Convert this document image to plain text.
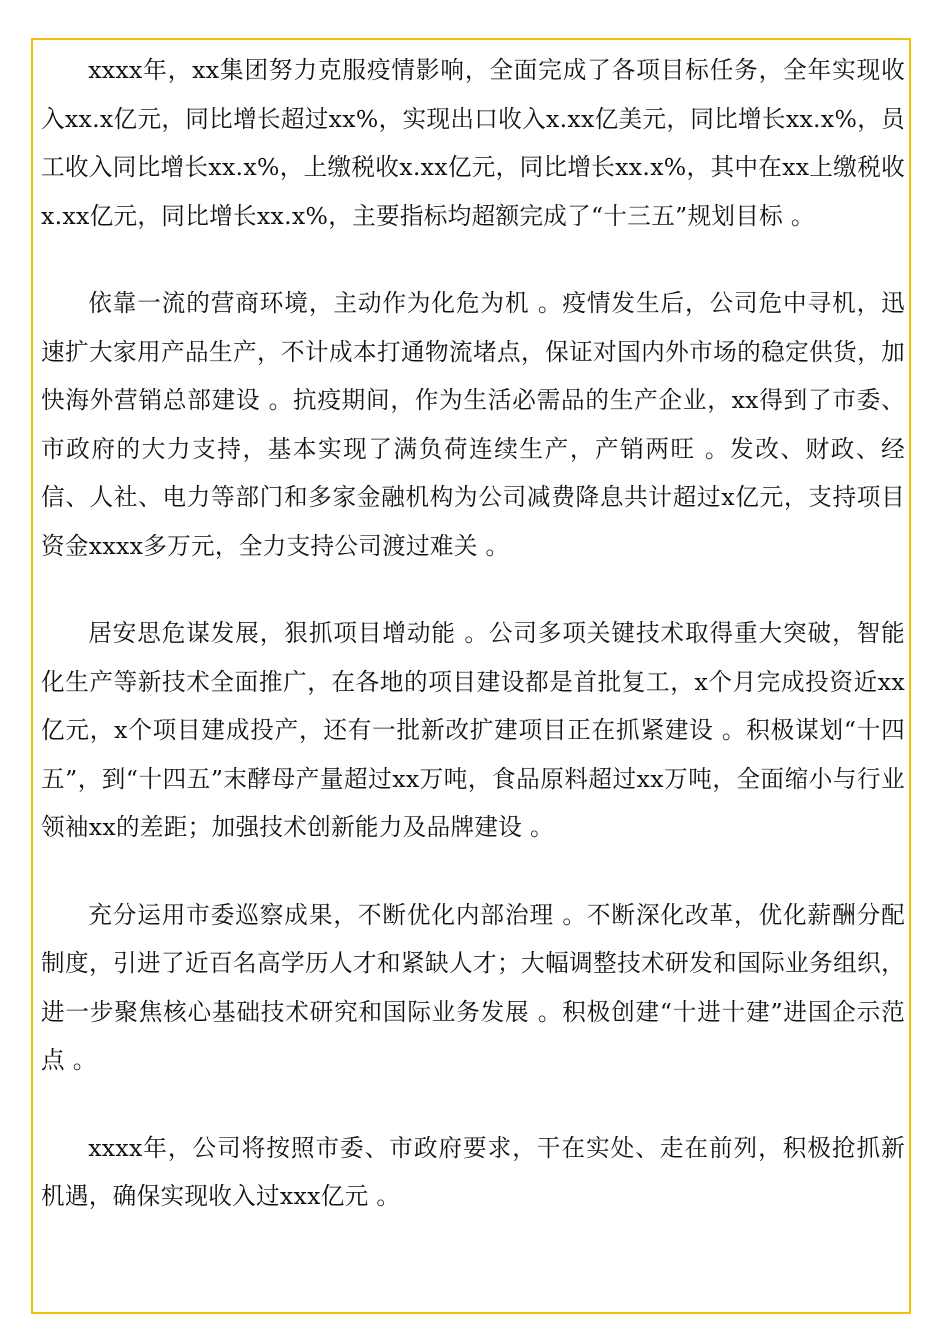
xxxx年，xx集团努力克服疫情影响，全面完成了各项目标任务，全年实现收入xx.x亿元，同比增长超过xx%，实现出口收入x.xx亿美元，同比增长xx.x%，员工收入同比增长xx.x%，上缴税收x.xx亿元，同比增长xx.x%，其中在xx上缴税收x.xx亿元，同比增长xx.x%，主要指标均超额完成了“十三五”规划目标 。

依靠一流的营商环境，主动作为化危为机 。疫情发生后，公司危中寻机，迅速扩大家用产品生产，不计成本打通物流堵点，保证对国内外市场的稳定供货，加快海外营销总部建设 。抗疫期间，作为生活必需品的生产企业，xx得到了市委、市政府的大力支持，基本实现了满负荷连续生产，产销两旺 。发改、财政、经信、人社、电力等部门和多家金融机构为公司减费降息共计超过x亿元，支持项目资金xxxx多万元，全力支持公司渡过难关 。

居安思危谋发展，狠抓项目增动能 。公司多项关键技术取得重大突破，智能化生产等新技术全面推广，在各地的项目建设都是首批复工，x个月完成投资近xx亿元，x个项目建成投产，还有一批新改扩建项目正在抓紧建设 。积极谋划“十四五”，到“十四五”末酵母产量超过xx万吨，食品原料超过xx万吨，全面缩小与行业领袖xx的差距；加强技术创新能力及品牌建设 。

充分运用市委巡察成果，不断优化内部治理 。不断深化改革，优化薪酬分配制度，引进了近百名高学历人才和紧缺人才；大幅调整技术研发和国际业务组织，进一步聚焦核心基础技术研究和国际业务发展 。积极创建“十进十建”进国企示范点 。

xxxx年，公司将按照市委、市政府要求，干在实处、走在前列，积极抢抓新机遇，确保实现收入过xxx亿元 。
